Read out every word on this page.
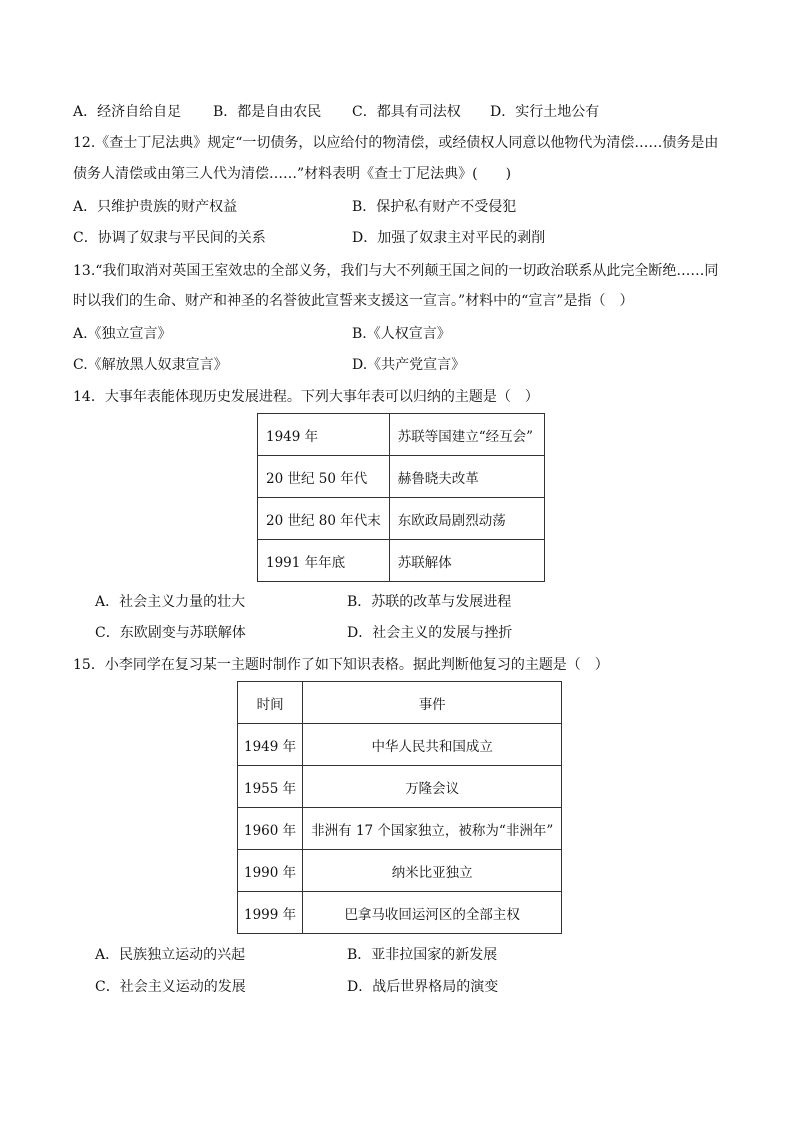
A．经济自给自足 B．都是自由农民 C．都具有司法权 D．实行土地公有
12.《查士丁尼法典》规定“一切债务，以应给付的物清偿，或经债权人同意以他物代为清偿……债务是由
债务人清偿或由第三人代为清偿……”材料表明《查士丁尼法典》(　　)
A．只维护贵族的财产权益	B．保护私有财产不受侵犯
C．协调了奴隶与平民间的关系	D．加强了奴隶主对平民的剥削
13.“我们取消对英国王室效忠的全部义务，我们与大不列颠王国之间的一切政治联系从此完全断绝……同
时以我们的生命、财产和神圣的名誉彼此宣誓来支援这一宣言。”材料中的“宣言”是指（　）
A.《独立宣言》	B.《人权宣言》
C.《解放黑人奴隶宣言》	D.《共产党宣言》
14．大事年表能体现历史发展进程。下列大事年表可以归纳的主题是（　）
1949 年	苏联等国建立“经互会”
20 世纪 50 年代	赫鲁晓夫改革
20 世纪 80 年代末	东欧政局剧烈动荡
1991 年年底	苏联解体
A．社会主义力量的壮大	B．苏联的改革与发展进程
C．东欧剧变与苏联解体	D．社会主义的发展与挫折
15．小李同学在复习某一主题时制作了如下知识表格。据此判断他复习的主题是（　）
时间	事件
1949 年	中华人民共和国成立
1955 年	万隆会议
1960 年	非洲有 17 个国家独立，被称为“非洲年”
1990 年	纳米比亚独立
1999 年	巴拿马收回运河区的全部主权
A．民族独立运动的兴起	B．亚非拉国家的新发展
C．社会主义运动的发展	D．战后世界格局的演变
